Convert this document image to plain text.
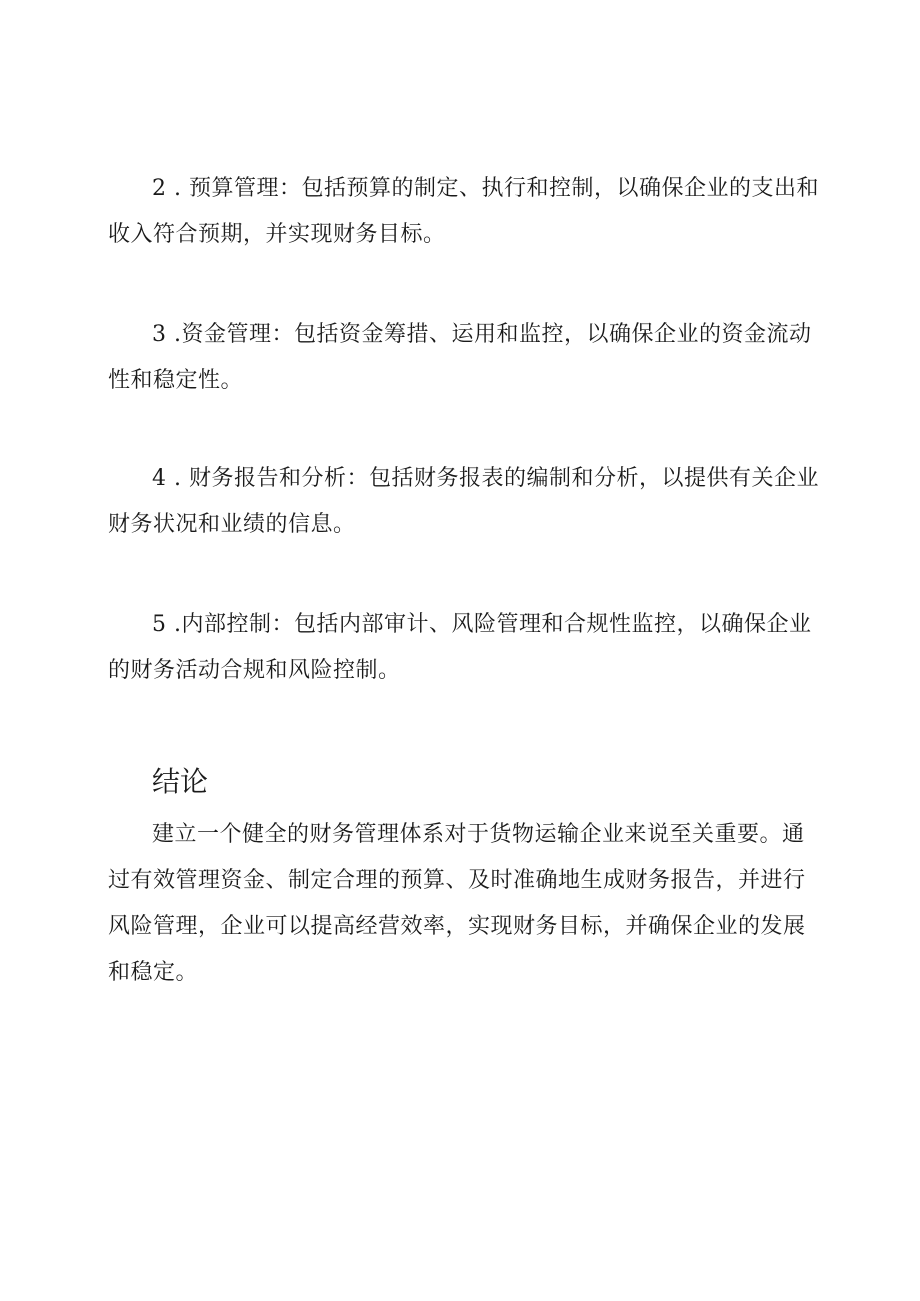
2 . 预算管理：包括预算的制定、执行和控制，以确保企业的支出和收入符合预期，并实现财务目标。

3 .资金管理：包括资金筹措、运用和监控，以确保企业的资金流动性和稳定性。

4 . 财务报告和分析：包括财务报表的编制和分析，以提供有关企业财务状况和业绩的信息。

5 .内部控制：包括内部审计、风险管理和合规性监控，以确保企业的财务活动合规和风险控制。

结论

建立一个健全的财务管理体系对于货物运输企业来说至关重要。通过有效管理资金、制定合理的预算、及时准确地生成财务报告，并进行风险管理，企业可以提高经营效率，实现财务目标，并确保企业的发展和稳定。
